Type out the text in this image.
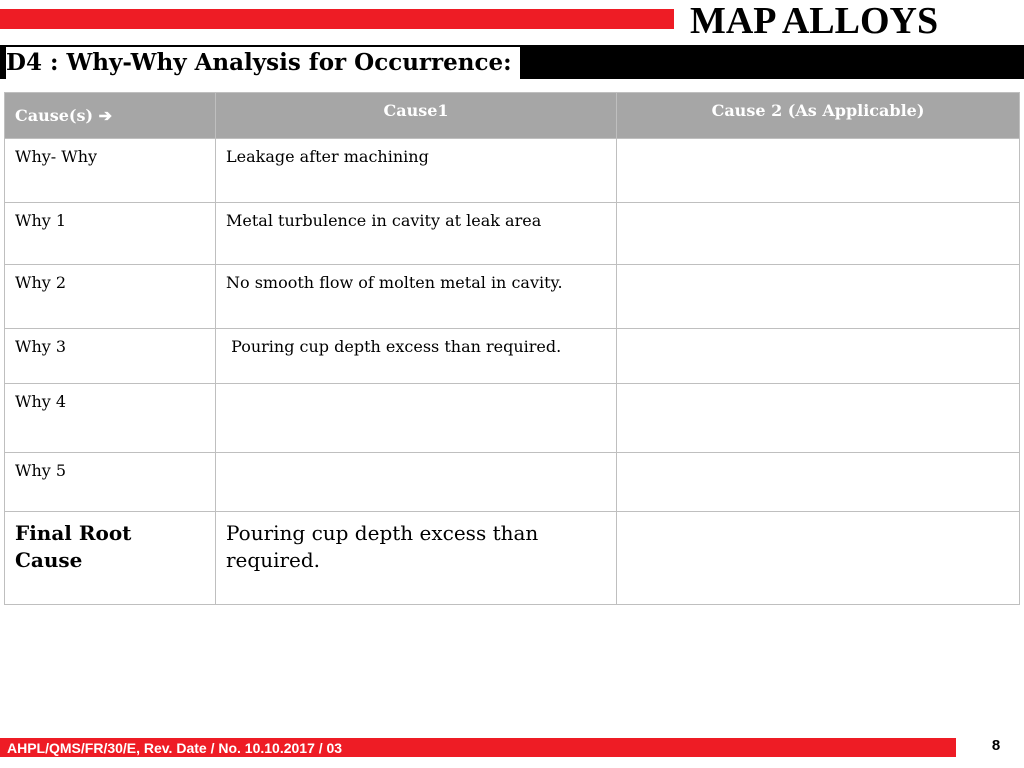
MAP ALLOYS
D4 : Why-Why Analysis for Occurrence:
Cause(s) ➔	Cause1	Cause 2 (As Applicable)
Why- Why	Leakage after machining	
Why 1	Metal turbulence in cavity at leak area	
Why 2	No smooth flow of molten metal in cavity.	
Why 3	Pouring cup depth excess than required.	
Why 4		
Why 5		
Final Root Cause	Pouring cup depth excess than required.	
AHPL/QMS/FR/30/E, Rev. Date / No. 10.10.2017 / 03	8
